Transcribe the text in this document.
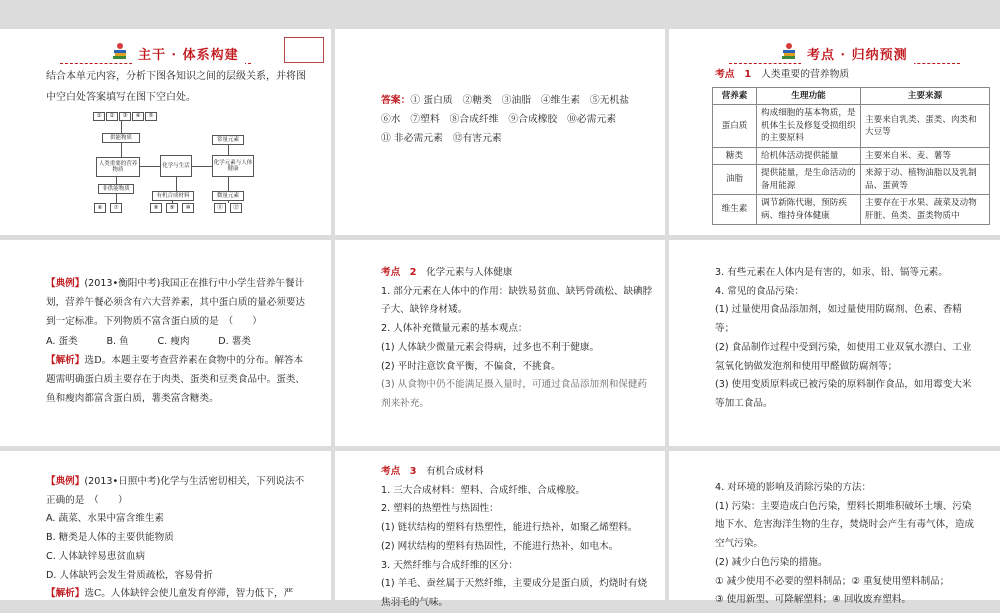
主干 · 体系构建
结合本单元内容，分析下图各知识之间的层级关系，并将图中空白处答案填写在图下空白处。
① ② ③ ④ ⑤
供能物质
人类重要的营养物质
化学与生活
化学元素与人体健康
常量元素
非供能物质
有机合成材料	微量元素
⑥ ⑦	⑧ ⑨ ⑩	⑪ ⑫
答案：① 蛋白质　②糖类　③油脂　④维生素　⑤无机盐
⑥水　⑦塑料　⑧合成纤维　⑨合成橡胶　⑩必需元素
⑪ 非必需元素　⑫有害元素
考点 · 归纳预测
考点　1　 人类重要的营养物质
营养素	生理功能	主要来源
蛋白质	构成细胞的基本物质，是机体生长及修复受损组织的主要原料	主要来自乳类、蛋类、肉类和大豆等
糖类	给机体活动提供能量	主要来自米、麦、薯等
油脂	提供能量，是生命活动的备用能源	来源于动、植物油脂以及乳制品、蛋黄等
维生素	调节新陈代谢，预防疾病、维持身体健康	主要存在于水果、蔬菜及动物肝脏、鱼类、蛋类物质中
【典例】(2013•衡阳中考)我国正在推行中小学生营养午餐计划，营养午餐必须含有六大营养素，其中蛋白质的量必须要达到一定标准。下列物质不富含蛋白质的是　（　　）
A. 蛋类　　　B. 鱼　　　C. 瘦肉　　　D. 薯类
【解析】选D。本题主要考查营养素在食物中的分布。解答本题需明确蛋白质主要存在于肉类、蛋类和豆类食品中。蛋类、鱼和瘦肉都富含蛋白质，薯类富含糖类。
考点　2　 化学元素与人体健康
1. 部分元素在人体中的作用：缺铁易贫血、缺钙骨疏松、缺碘脖子大、缺锌身材矮。
2. 人体补充微量元素的基本观点：
(1) 人体缺少微量元素会得病，过多也不利于健康。
(2) 平时注意饮食平衡，不偏食，不挑食。
(3) 从食物中仍不能满足摄入量时，可通过食品添加剂和保健药剂来补充。
3. 有些元素在人体内是有害的，如汞、铅、镉等元素。
4. 常见的食品污染：
(1) 过量使用食品添加剂，如过量使用防腐剂、色素、香精等；
(2) 食品制作过程中受到污染，如使用工业双氧水漂白、工业氢氧化钠做发泡剂和使用甲醛做防腐剂等；
(3) 使用变质原料或已被污染的原料制作食品，如用霉变大米等加工食品。
【典例】(2013•日照中考)化学与生活密切相关，下列说法不正确的是　（　　）
A. 蔬菜、水果中富含维生素
B. 糖类是人体的主要供能物质
C. 人体缺锌易患贫血病
D. 人体缺钙会发生骨质疏松，容易骨折
【解析】选C。人体缺锌会使儿童发育停滞，智力低下，严
考点　3　 有机合成材料
1. 三大合成材料：塑料、合成纤维、合成橡胶。
2. 塑料的热塑性与热固性：
(1) 链状结构的塑料有热塑性，能进行热补，如聚乙烯塑料。
(2) 网状结构的塑料有热固性，不能进行热补，如电木。
3. 天然纤维与合成纤维的区分：
(1) 羊毛、蚕丝属于天然纤维，主要成分是蛋白质，灼烧时有烧焦羽毛的气味。
4. 对环境的影响及消除污染的方法：
(1) 污染：主要造成白色污染，塑料长期堆积破坏土壤、污染地下水、危害海洋生物的生存，焚烧时会产生有毒气体，造成空气污染。
(2) 减少白色污染的措施。
① 减少使用不必要的塑料制品；② 重复使用塑料制品；
③ 使用新型、可降解塑料；④ 回收废弃塑料。
